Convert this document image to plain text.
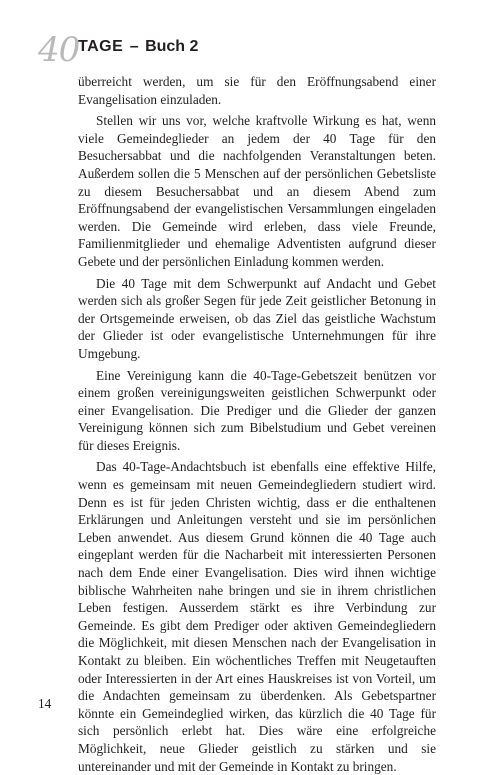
40
TAGE – Buch 2

überreicht werden, um sie für den Eröffnungsabend einer Evangelisation einzuladen.

Stellen wir uns vor, welche kraftvolle Wirkung es hat, wenn viele Gemeindeglieder an jedem der 40 Tage für den Besuchersabbat und die nachfolgenden Veranstaltungen beten. Außerdem sollen die 5 Menschen auf der persönlichen Gebetsliste zu diesem Besuchersabbat und an diesem Abend zum Eröffnungsabend der evangelistischen Versammlungen eingeladen werden. Die Gemeinde wird erleben, dass viele Freunde, Familienmitglieder und ehemalige Adventisten aufgrund dieser Gebete und der persönlichen Einladung kommen werden.

Die 40 Tage mit dem Schwerpunkt auf Andacht und Gebet werden sich als großer Segen für jede Zeit geistlicher Betonung in der Ortsgemeinde erweisen, ob das Ziel das geistliche Wachstum der Glieder ist oder evangelistische Unternehmungen für ihre Umgebung.

Eine Vereinigung kann die 40-Tage-Gebetszeit benützen vor einem großen vereinigungsweiten geistlichen Schwerpunkt oder einer Evangelisation. Die Prediger und die Glieder der ganzen Vereinigung können sich zum Bibelstudium und Gebet vereinen für dieses Ereignis.

Das 40-Tage-Andachtsbuch ist ebenfalls eine effektive Hilfe, wenn es gemeinsam mit neuen Gemeindegliedern studiert wird. Denn es ist für jeden Christen wichtig, dass er die enthaltenen Erklärungen und Anleitungen versteht und sie im persönlichen Leben anwendet. Aus diesem Grund können die 40 Tage auch eingeplant werden für die Nacharbeit mit interessierten Personen nach dem Ende einer Evangelisation. Dies wird ihnen wichtige biblische Wahrheiten nahe bringen und sie in ihrem christlichen Leben festigen. Ausserdem stärkt es ihre Verbindung zur Gemeinde. Es gibt dem Prediger oder aktiven Gemeindegliedern die Möglichkeit, mit diesen Menschen nach der Evangelisation in Kontakt zu bleiben. Ein wöchentliches Treffen mit Neugetauften oder Interessierten in der Art eines Hauskreises ist von Vorteil, um die Andachten gemeinsam zu überdenken. Als Gebetspartner könnte ein Gemeindeglied wirken, das kürzlich die 40 Tage für sich persönlich erlebt hat. Dies wäre eine erfolgreiche Möglichkeit, neue Glieder geistlich zu stärken und sie untereinander und mit der Gemeinde in Kontakt zu bringen.

14
